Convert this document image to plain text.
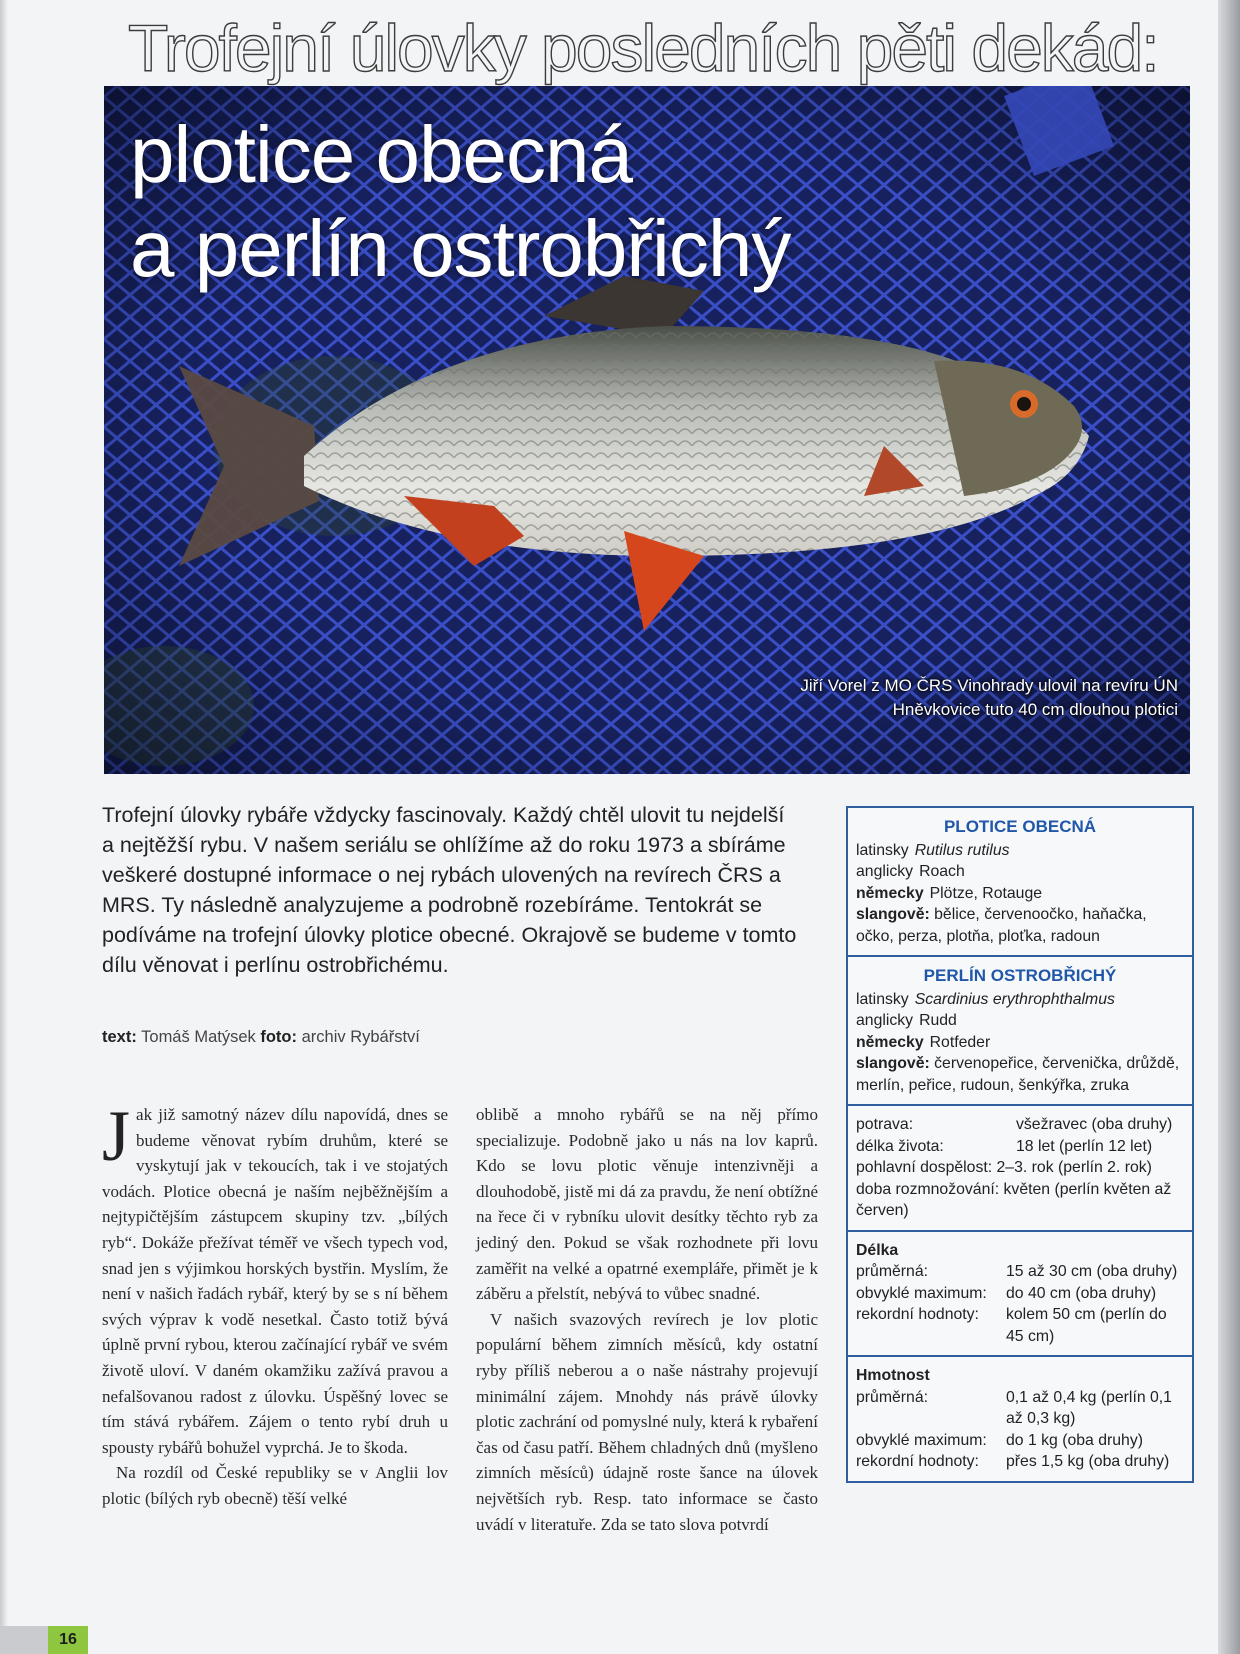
Trofejní úlovky posledních pěti dekád:
plotice obecná
a perlín ostrobřichý
Jiří Vorel z MO ČRS Vinohrady ulovil na revíru ÚN Hněvkovice tuto 40 cm dlouhou plotici
Trofejní úlovky rybáře vždycky fascinovaly. Každý chtěl ulovit tu nejdelší a nejtěžší rybu. V našem seriálu se ohlížíme až do roku 1973 a sbíráme veškeré dostupné informace o nej rybách ulovených na revírech ČRS a MRS. Ty následně analyzujeme a podrobně rozebíráme. Tentokrát se podíváme na trofejní úlovky plotice obecné. Okrajově se budeme v tomto dílu věnovat i perlínu ostrobřichému.
text: Tomáš Matýsek foto: archiv Rybářství

Jak již samotný název dílu napovídá, dnes se budeme věnovat rybím druhům, které se vyskytují jak v tekoucích, tak i ve stojatých vodách. Plotice obecná je naším nejběžnějším a nejtypičtějším zástupcem skupiny tzv. „bílých ryb“. Dokáže přežívat téměř ve všech typech vod, snad jen s výjimkou horských bystřin. Myslím, že není v našich řadách rybář, který by se s ní během svých výprav k vodě nesetkal. Často totiž bývá úplně první rybou, kterou začínající rybář ve svém životě uloví. V daném okamžiku zažívá pravou a nefalšovanou radost z úlovku. Úspěšný lovec se tím stává rybářem. Zájem o tento rybí druh u spousty rybářů bohužel vyprchá. Je to škoda.

Na rozdíl od České republiky se v Anglii lov plotic (bílých ryb obecně) těší velké

oblibě a mnoho rybářů se na něj přímo specializuje. Podobně jako u nás na lov kaprů. Kdo se lovu plotic věnuje intenzivněji a dlouhodobě, jistě mi dá za pravdu, že není obtížné na řece či v rybníku ulovit desítky těchto ryb za jediný den. Pokud se však rozhodnete při lovu zaměřit na velké a opatrné exempláře, přimět je k záběru a přelstít, nebývá to vůbec snadné.

V našich svazových revírech je lov plotic populární během zimních měsíců, kdy ostatní ryby příliš neberou a o naše nástrahy projevují minimální zájem. Mnohdy nás právě úlovky plotic zachrání od pomyslné nuly, která k rybaření čas od času patří. Během chladných dnů (myšleno zimních měsíců) údajně roste šance na úlovek největších ryb. Resp. tato informace se často uvádí v literatuře. Zda se tato slova potvrdí

PLOTICE OBECNÁ
latinsky Rutilus rutilus
anglicky Roach
německy Plötze, Rotauge
slangově: bělice, červenoočko, haňačka, očko, perza, plotňa, ploťka, radoun
PERLÍN OSTROBŘICHÝ
latinsky Scardinius erythrophthalmus
anglicky Rudd
německy Rotfeder
slangově: červenopeřice, červenička, drůždě, merlín, peřice, rudoun, šenkýřka, zruka
potrava:	všežravec (oba druhy)
délka života:	18 let (perlín 12 let)
pohlavní dospělost: 2–3. rok (perlín 2. rok)
doba rozmnožování: květen (perlín květen až červen)
Délka
průměrná:	15 až 30 cm (oba druhy)
obvyklé maximum:	do 40 cm (oba druhy)
rekordní hodnoty:	kolem 50 cm (perlín do 45 cm)
Hmotnost
průměrná:	0,1 až 0,4 kg (perlín 0,1 až 0,3 kg)
obvyklé maximum:	do 1 kg (oba druhy)
rekordní hodnoty:	přes 1,5 kg (oba druhy)
16
